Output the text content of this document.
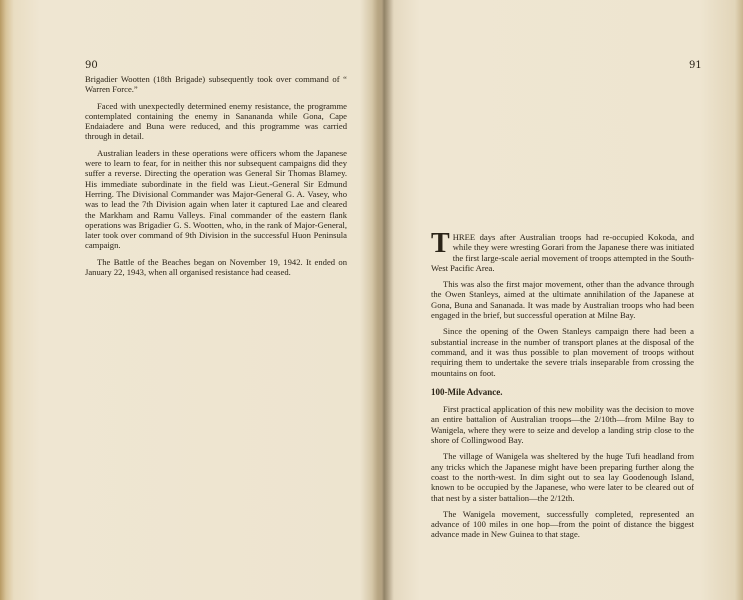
90

Brigadier Wootten (18th Brigade) subsequently took over command of “ Warren Force.”

Faced with unexpectedly determined enemy resistance, the programme contemplated containing the enemy in Sanananda while Gona, Cape Endaiadere and Buna were reduced, and this programme was carried through in detail.

Australian leaders in these operations were officers whom the Japanese were to learn to fear, for in neither this nor subsequent campaigns did they suffer a reverse. Directing the operation was General Sir Thomas Blamey. His immediate subordinate in the field was Lieut.-General Sir Edmund Herring. The Divisional Commander was Major-General G. A. Vasey, who was to lead the 7th Division again when later it captured Lae and cleared the Markham and Ramu Valleys. Final commander of the eastern flank operations was Brigadier G. S. Wootten, who, in the rank of Major-General, later took over command of 9th Division in the successful Huon Peninsula campaign.

The Battle of the Beaches began on November 19, 1942. It ended on January 22, 1943, when all organised resistance had ceased.

91

THREE days after Australian troops had re-occupied Kokoda, and while they were wresting Gorari from the Japanese there was initiated the first large-scale aerial movement of troops attempted in the South-West Pacific Area.

This was also the first major movement, other than the advance through the Owen Stanleys, aimed at the ultimate annihilation of the Japanese at Gona, Buna and Sananada. It was made by Australian troops who had been engaged in the brief, but successful operation at Milne Bay.

Since the opening of the Owen Stanleys campaign there had been a substantial increase in the number of transport planes at the disposal of the command, and it was thus possible to plan movement of troops without requiring them to undertake the severe trials inseparable from crossing the mountains on foot.

100-Mile Advance.

First practical application of this new mobility was the decision to move an entire battalion of Australian troops—the 2/10th—from Milne Bay to Wanigela, where they were to seize and develop a landing strip close to the shore of Collingwood Bay.

The village of Wanigela was sheltered by the huge Tufi headland from any tricks which the Japanese might have been preparing further along the coast to the north-west. In dim sight out to sea lay Goodenough Island, known to be occupied by the Japanese, who were later to be cleared out of that nest by a sister battalion—the 2/12th.

The Wanigela movement, successfully completed, represented an advance of 100 miles in one hop—from the point of distance the biggest advance made in New Guinea to that stage.
